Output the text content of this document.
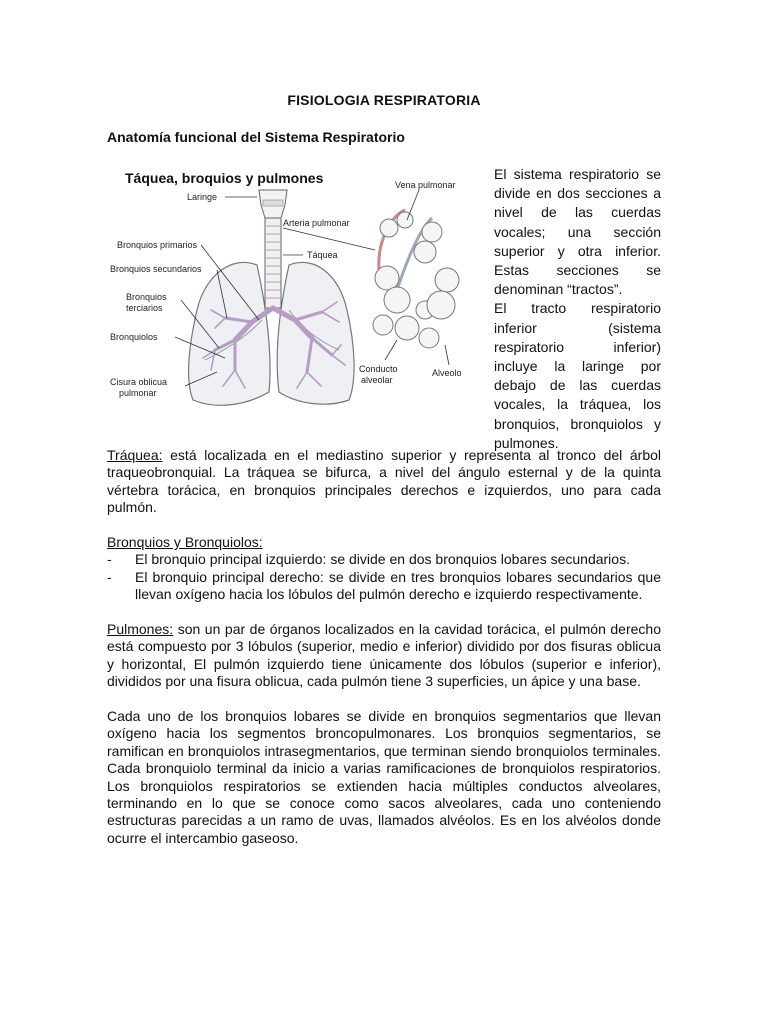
FISIOLOGIA RESPIRATORIA
Anatomía funcional del Sistema Respiratorio
Táquea, broquios y pulmones
Laringe
Bronquios primarios
Bronquios secundarios
Bronquios
terciarios
Bronquiolos
Cisura oblicua
pulmonar
Vena pulmonar
Arteria pulmonar
Táquea
Conducto
alveolar
Alveolo

El sistema respiratorio se divide en dos secciones a nivel de las cuerdas vocales; una sección superior y otra inferior. Estas secciones se denominan “tractos”.

El tracto respiratorio inferior (sistema respiratorio inferior) incluye la laringe por debajo de las cuerdas vocales, la tráquea, los bronquios, bronquiolos y pulmones.

Tráquea: está localizada en el mediastino superior y representa al tronco del árbol traqueobronquial. La tráquea se bifurca, a nivel del ángulo esternal y de la quinta vértebra torácica, en bronquios principales derechos e izquierdos, uno para cada pulmón.

Bronquios y Bronquiolos:
-	El bronquio principal izquierdo: se divide en dos bronquios lobares secundarios.
-	El bronquio principal derecho: se divide en tres bronquios lobares secundarios que llevan oxígeno hacia los lóbulos del pulmón derecho e izquierdo respectivamente.

Pulmones: son un par de órganos localizados en la cavidad torácica, el pulmón derecho está compuesto por 3 lóbulos (superior, medio e inferior) dividido por dos fisuras oblicua y horizontal, El pulmón izquierdo tiene únicamente dos lóbulos (superior e inferior), divididos por una fisura oblicua, cada pulmón tiene 3 superficies, un ápice y una base.

Cada uno de los bronquios lobares se divide en bronquios segmentarios que llevan oxígeno hacia los segmentos broncopulmonares. Los bronquios segmentarios, se ramifican en bronquiolos intrasegmentarios, que terminan siendo bronquiolos terminales. Cada bronquiolo terminal da inicio a varias ramificaciones de bronquiolos respiratorios. Los bronquiolos respiratorios se extienden hacia múltiples conductos alveolares, terminando en lo que se conoce como sacos alveolares, cada uno conteniendo estructuras parecidas a un ramo de uvas, llamados alvéolos. Es en los alvéolos donde ocurre el intercambio gaseoso.
